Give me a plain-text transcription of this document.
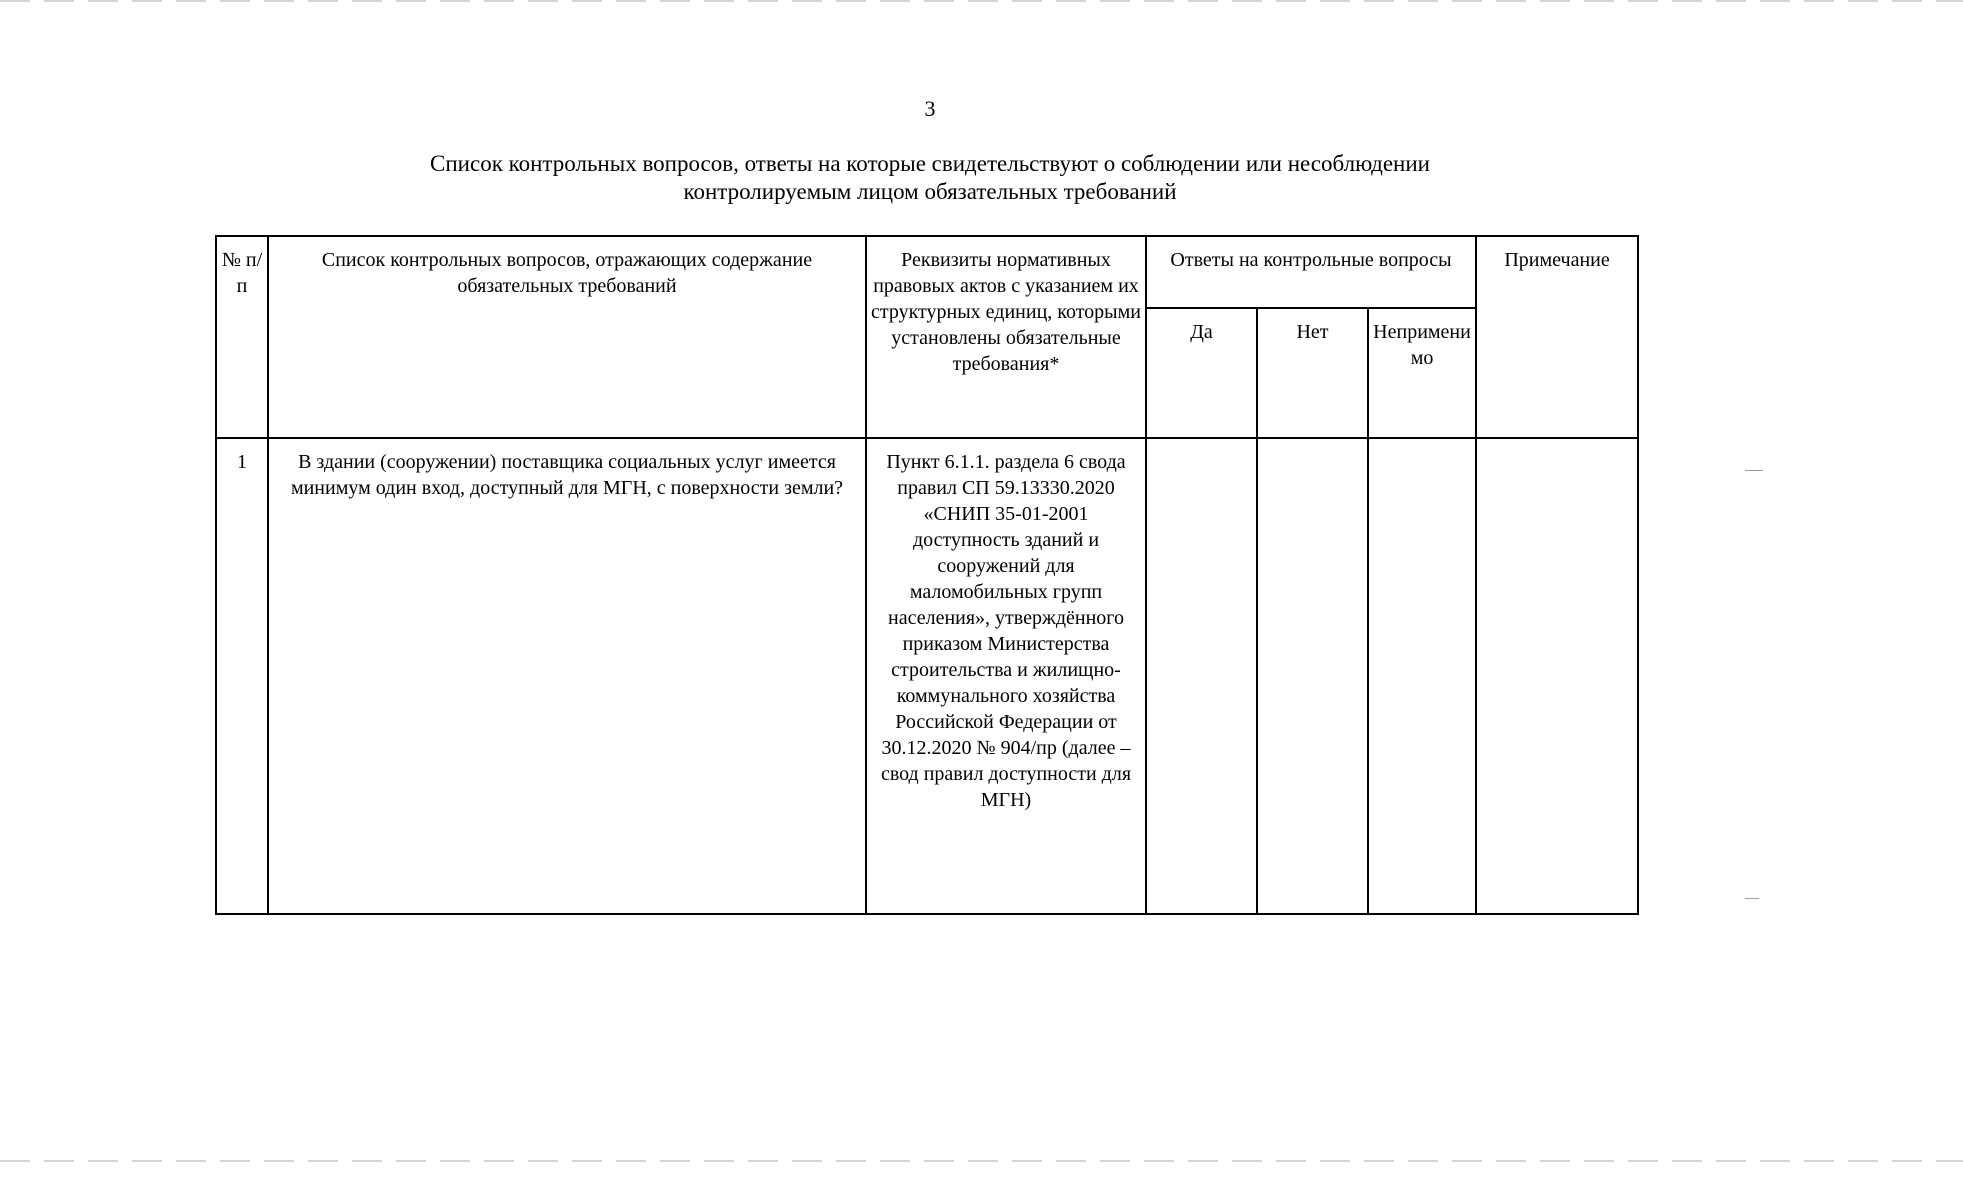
3
Список контрольных вопросов, ответы на которые свидетельствуют о соблюдении или несоблюдении
контролируемым лицом обязательных требований
№ п/п	Список контрольных вопросов, отражающих содержание обязательных требований	Реквизиты нормативных правовых актов с указанием их структурных единиц, которыми установлены обязательные требования*	Ответы на контрольные вопросы			Примечание
			Да	Нет	Неприменимо	
1	В здании (сооружении) поставщика социальных услуг имеется минимум один вход, доступный для МГН, с поверхности земли?	Пункт 6.1.1. раздела 6 свода правил СП 59.13330.2020 «СНИП 35-01-2001 доступность зданий и сооружений для маломобильных групп населения», утверждённого приказом Министерства строительства и жилищно-коммунального хозяйства Российской Федерации от 30.12.2020 № 904/пр (далее – свод правил доступности для МГН)				
